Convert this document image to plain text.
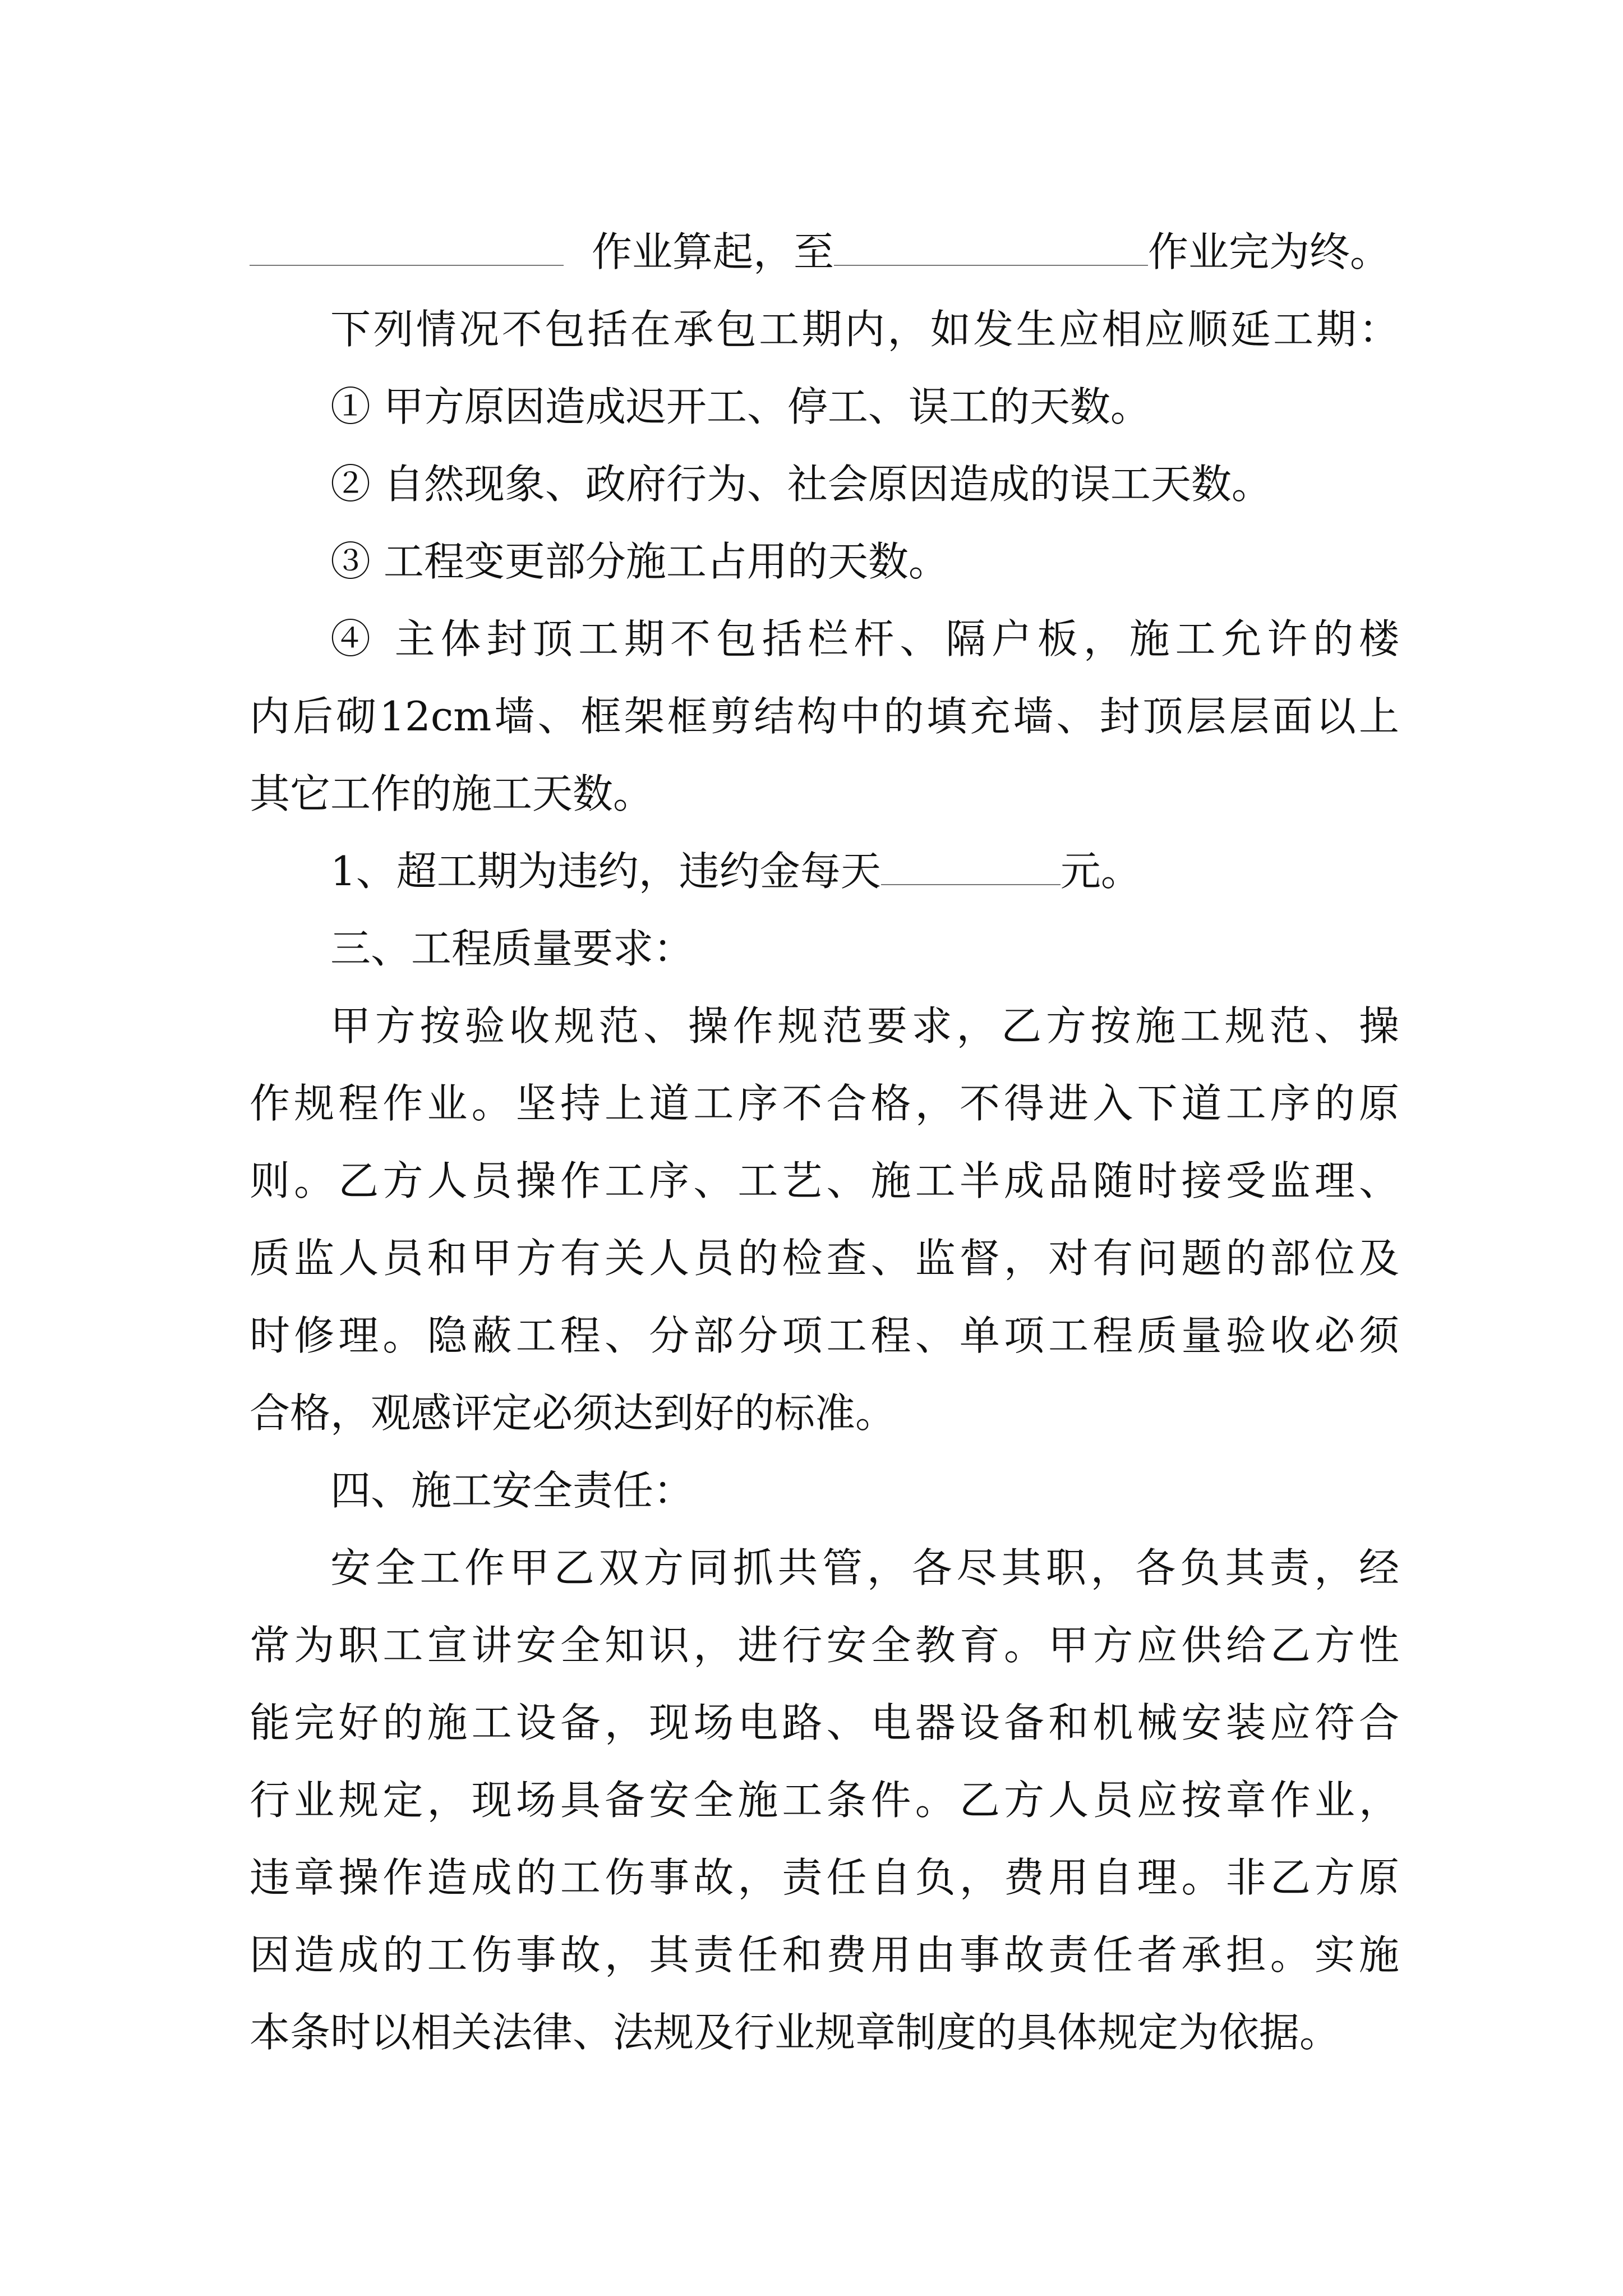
作业算起，至	作业完为终。
下列情况不包括在承包工期内，如发生应相应顺延工期：
① 甲方原因造成迟开工、停工、误工的天数。
② 自然现象、政府行为、社会原因造成的误工天数。
③ 工程变更部分施工占用的天数。
④ 主体封顶工期不包括栏杆、隔户板，施工允许的楼
内后砌12cm墙、框架框剪结构中的填充墙、封顶层层面以上
其它工作的施工天数。
1、超工期为违约，违约金每天	元。
三、工程质量要求：
甲方按验收规范、操作规范要求，乙方按施工规范、操
作规程作业。坚持上道工序不合格，不得进入下道工序的原
则。乙方人员操作工序、工艺、施工半成品随时接受监理、
质监人员和甲方有关人员的检查、监督，对有问题的部位及
时修理。隐蔽工程、分部分项工程、单项工程质量验收必须
合格，观感评定必须达到好的标准。
四、施工安全责任：
安全工作甲乙双方同抓共管，各尽其职，各负其责，经
常为职工宣讲安全知识，进行安全教育。甲方应供给乙方性
能完好的施工设备，现场电路、电器设备和机械安装应符合
行业规定，现场具备安全施工条件。乙方人员应按章作业，
违章操作造成的工伤事故，责任自负，费用自理。非乙方原
因造成的工伤事故，其责任和费用由事故责任者承担。实施
本条时以相关法律、法规及行业规章制度的具体规定为依据。
